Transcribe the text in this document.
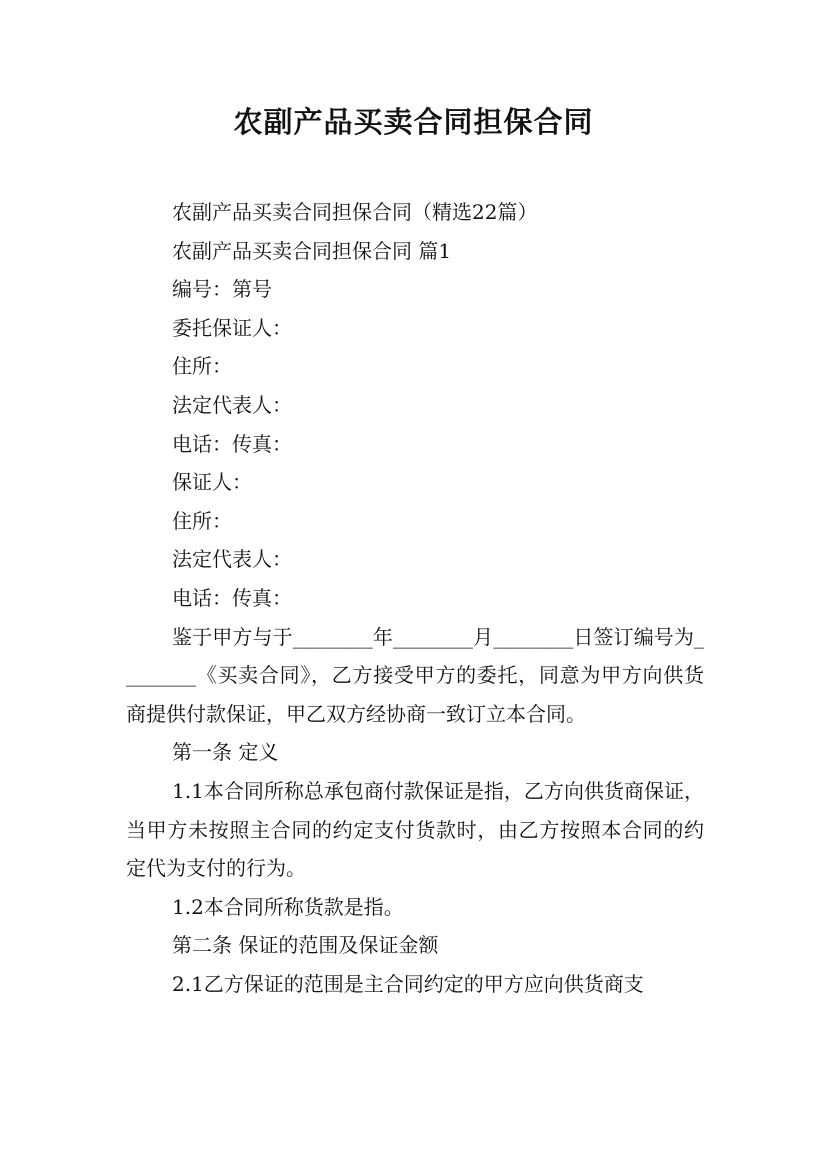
农副产品买卖合同担保合同
农副产品买卖合同担保合同（精选22篇）
农副产品买卖合同担保合同 篇1
编号：第号
委托保证人：
住所：
法定代表人：
电话：传真：
保证人：
住所：
法定代表人：
电话：传真：
鉴于甲方与于________年________月________日签订编号为________《买卖合同》，乙方接受甲方的委托，同意为甲方向供货商提供付款保证，甲乙双方经协商一致订立本合同。
第一条 定义
1.1本合同所称总承包商付款保证是指，乙方向供货商保证，当甲方未按照主合同的约定支付货款时，由乙方按照本合同的约定代为支付的行为。
1.2本合同所称货款是指。
第二条 保证的范围及保证金额
2.1乙方保证的范围是主合同约定的甲方应向供货商支
